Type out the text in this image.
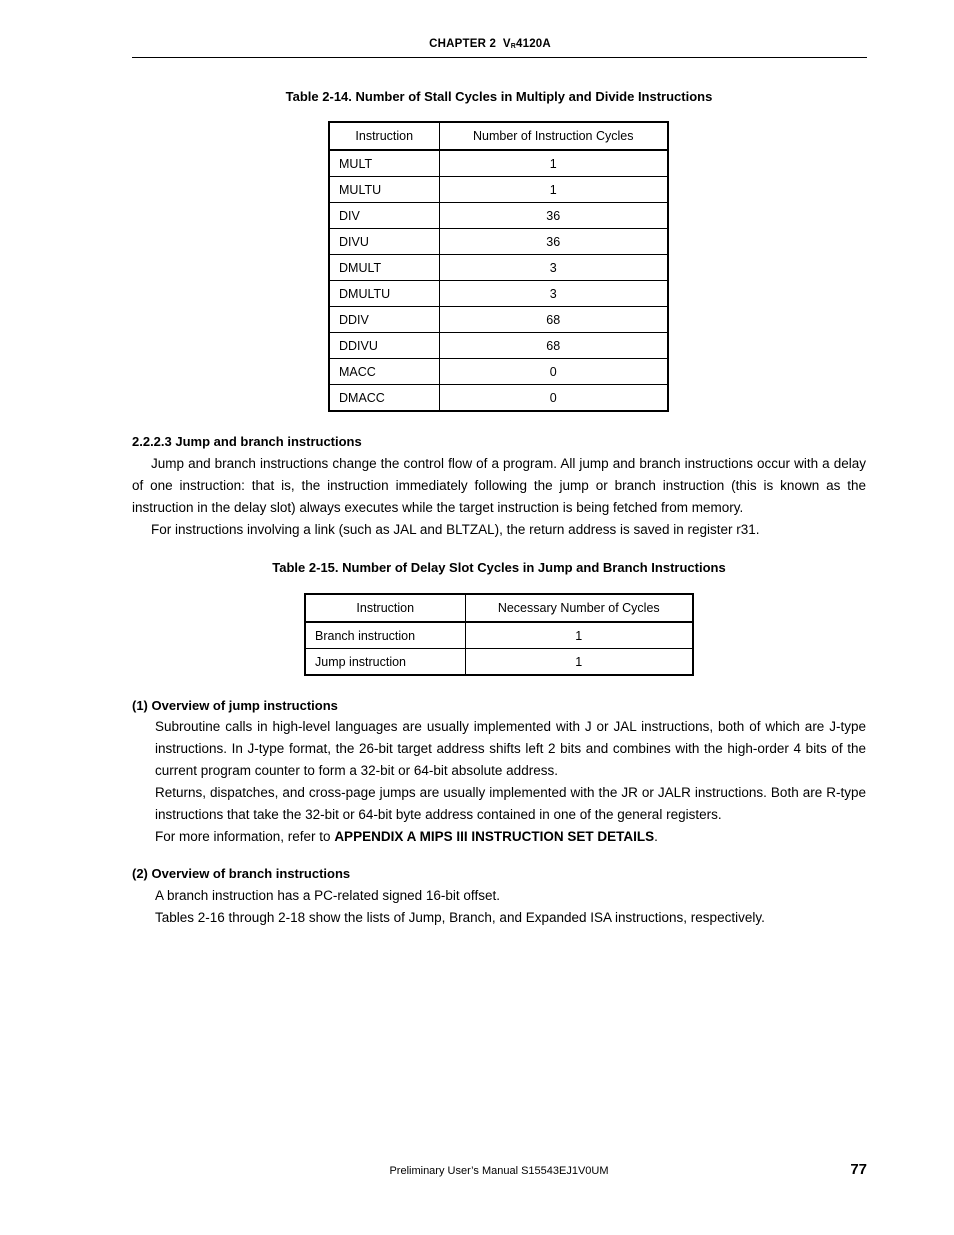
CHAPTER 2 VR4120A
Table 2-14. Number of Stall Cycles in Multiply and Divide Instructions
Instruction	Number of Instruction Cycles
MULT	1
MULTU	1
DIV	36
DIVU	36
DMULT	3
DMULTU	3
DDIV	68
DDIVU	68
MACC	0
DMACC	0
2.2.2.3 Jump and branch instructions
Jump and branch instructions change the control flow of a program. All jump and branch instructions occur with a delay of one instruction: that is, the instruction immediately following the jump or branch instruction (this is known as the instruction in the delay slot) always executes while the target instruction is being fetched from memory.
For instructions involving a link (such as JAL and BLTZAL), the return address is saved in register r31.
Table 2-15. Number of Delay Slot Cycles in Jump and Branch Instructions
Instruction	Necessary Number of Cycles
Branch instruction	1
Jump instruction	1
(1) Overview of jump instructions
Subroutine calls in high-level languages are usually implemented with J or JAL instructions, both of which are J-type instructions. In J-type format, the 26-bit target address shifts left 2 bits and combines with the high-order 4 bits of the current program counter to form a 32-bit or 64-bit absolute address.
Returns, dispatches, and cross-page jumps are usually implemented with the JR or JALR instructions. Both are R-type instructions that take the 32-bit or 64-bit byte address contained in one of the general registers.
For more information, refer to APPENDIX A MIPS III INSTRUCTION SET DETAILS.
(2) Overview of branch instructions
A branch instruction has a PC-related signed 16-bit offset.
Tables 2-16 through 2-18 show the lists of Jump, Branch, and Expanded ISA instructions, respectively.
Preliminary User’s Manual S15543EJ1V0UM	77
